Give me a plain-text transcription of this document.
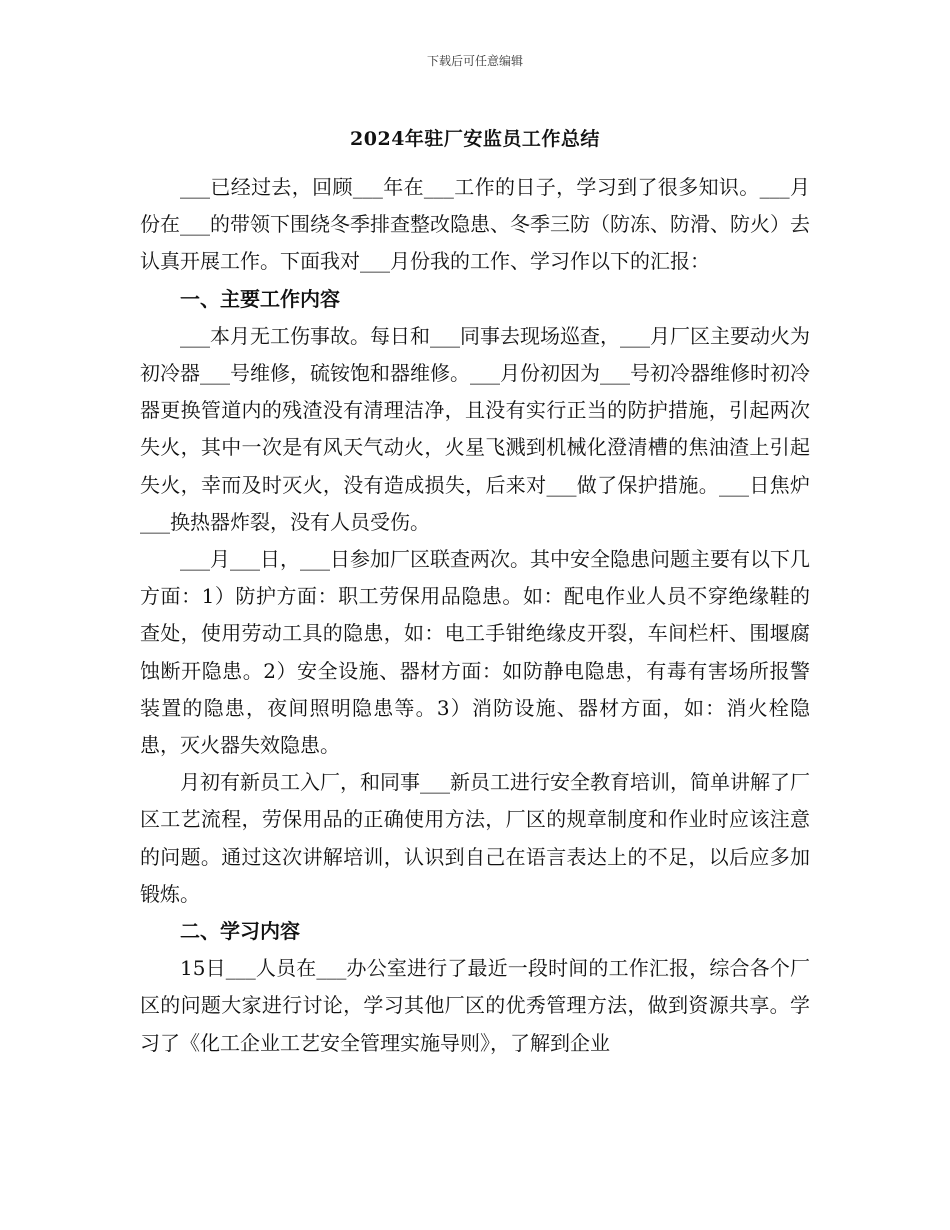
下载后可任意编辑
2024年驻厂安监员工作总结

___已经过去，回顾___年在___工作的日子，学习到了很多知识。___月份在___的带领下围绕冬季排查整改隐患、冬季三防（防冻、防滑、防火）去认真开展工作。下面我对___月份我的工作、学习作以下的汇报：

一、主要工作内容

___本月无工伤事故。每日和___同事去现场巡查，___月厂区主要动火为初冷器___号维修，硫铵饱和器维修。___月份初因为___号初冷器维修时初冷器更换管道内的残渣没有清理洁净，且没有实行正当的防护措施，引起两次失火，其中一次是有风天气动火，火星飞溅到机械化澄清槽的焦油渣上引起失火，幸而及时灭火，没有造成损失，后来对___做了保护措施。___日焦炉___换热器炸裂，没有人员受伤。

___月___日，___日参加厂区联查两次。其中安全隐患问题主要有以下几方面：1）防护方面：职工劳保用品隐患。如：配电作业人员不穿绝缘鞋的查处，使用劳动工具的隐患，如：电工手钳绝缘皮开裂，车间栏杆、围堰腐蚀断开隐患。2）安全设施、器材方面：如防静电隐患，有毒有害场所报警装置的隐患，夜间照明隐患等。3）消防设施、器材方面，如：消火栓隐患，灭火器失效隐患。

月初有新员工入厂，和同事___新员工进行安全教育培训，简单讲解了厂区工艺流程，劳保用品的正确使用方法，厂区的规章制度和作业时应该注意的问题。通过这次讲解培训，认识到自己在语言表达上的不足，以后应多加锻炼。

二、学习内容

15日___人员在___办公室进行了最近一段时间的工作汇报，综合各个厂区的问题大家进行讨论，学习其他厂区的优秀管理方法，做到资源共享。学习了《化工企业工艺安全管理实施导则》，了解到企业
